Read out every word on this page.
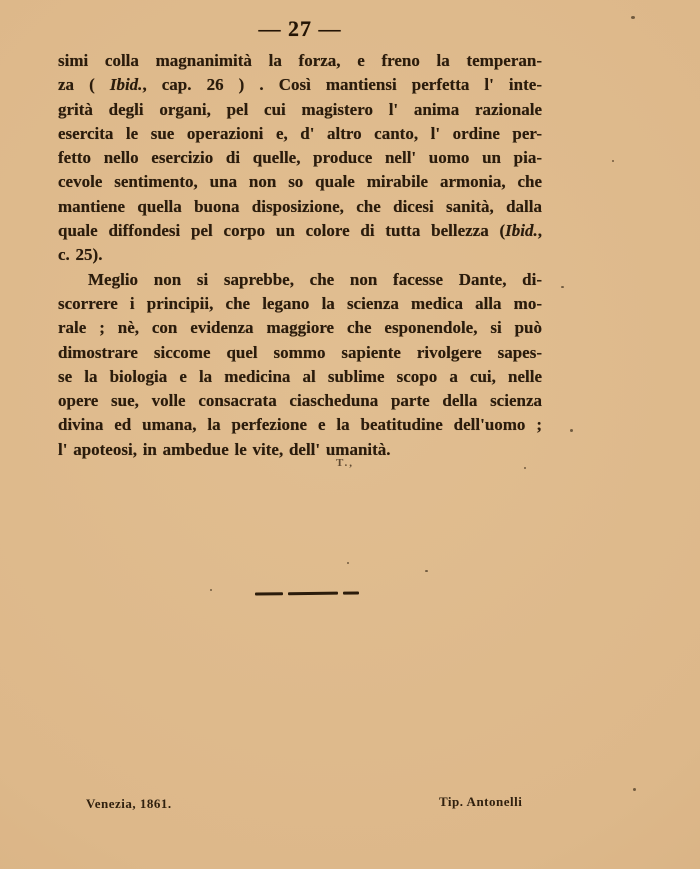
— 27 —
simi colla magnanimità la forza, e freno la temperan-
za ( Ibid., cap. 26 ) . Così mantiensi perfetta l' inte-
grità degli organi, pel cui magistero l' anima razionale
esercita le sue operazioni e, d' altro canto, l' ordine per-
fetto nello esercizio di quelle, produce nell' uomo un pia-
cevole sentimento, una non so quale mirabile armonia, che
mantiene quella buona disposizione, che dicesi sanità, dalla
quale diffondesi pel corpo un colore di tutta bellezza (Ibid.,
c. 25).
Meglio non si saprebbe, che non facesse Dante, di-
scorrere i principii, che legano la scienza medica alla mo-
rale ; nè, con evidenza maggiore che esponendole, si può
dimostrare siccome quel sommo sapiente rivolgere sapes-
se la biologia e la medicina al sublime scopo a cui, nelle
opere sue, volle consacrata ciascheduna parte della scienza
divina ed umana, la perfezione e la beatitudine dell'uomo ;
l' apoteosi, in ambedue le vite, dell' umanità.
T.,
Venezia, 1861.	Tip. Antonelli
